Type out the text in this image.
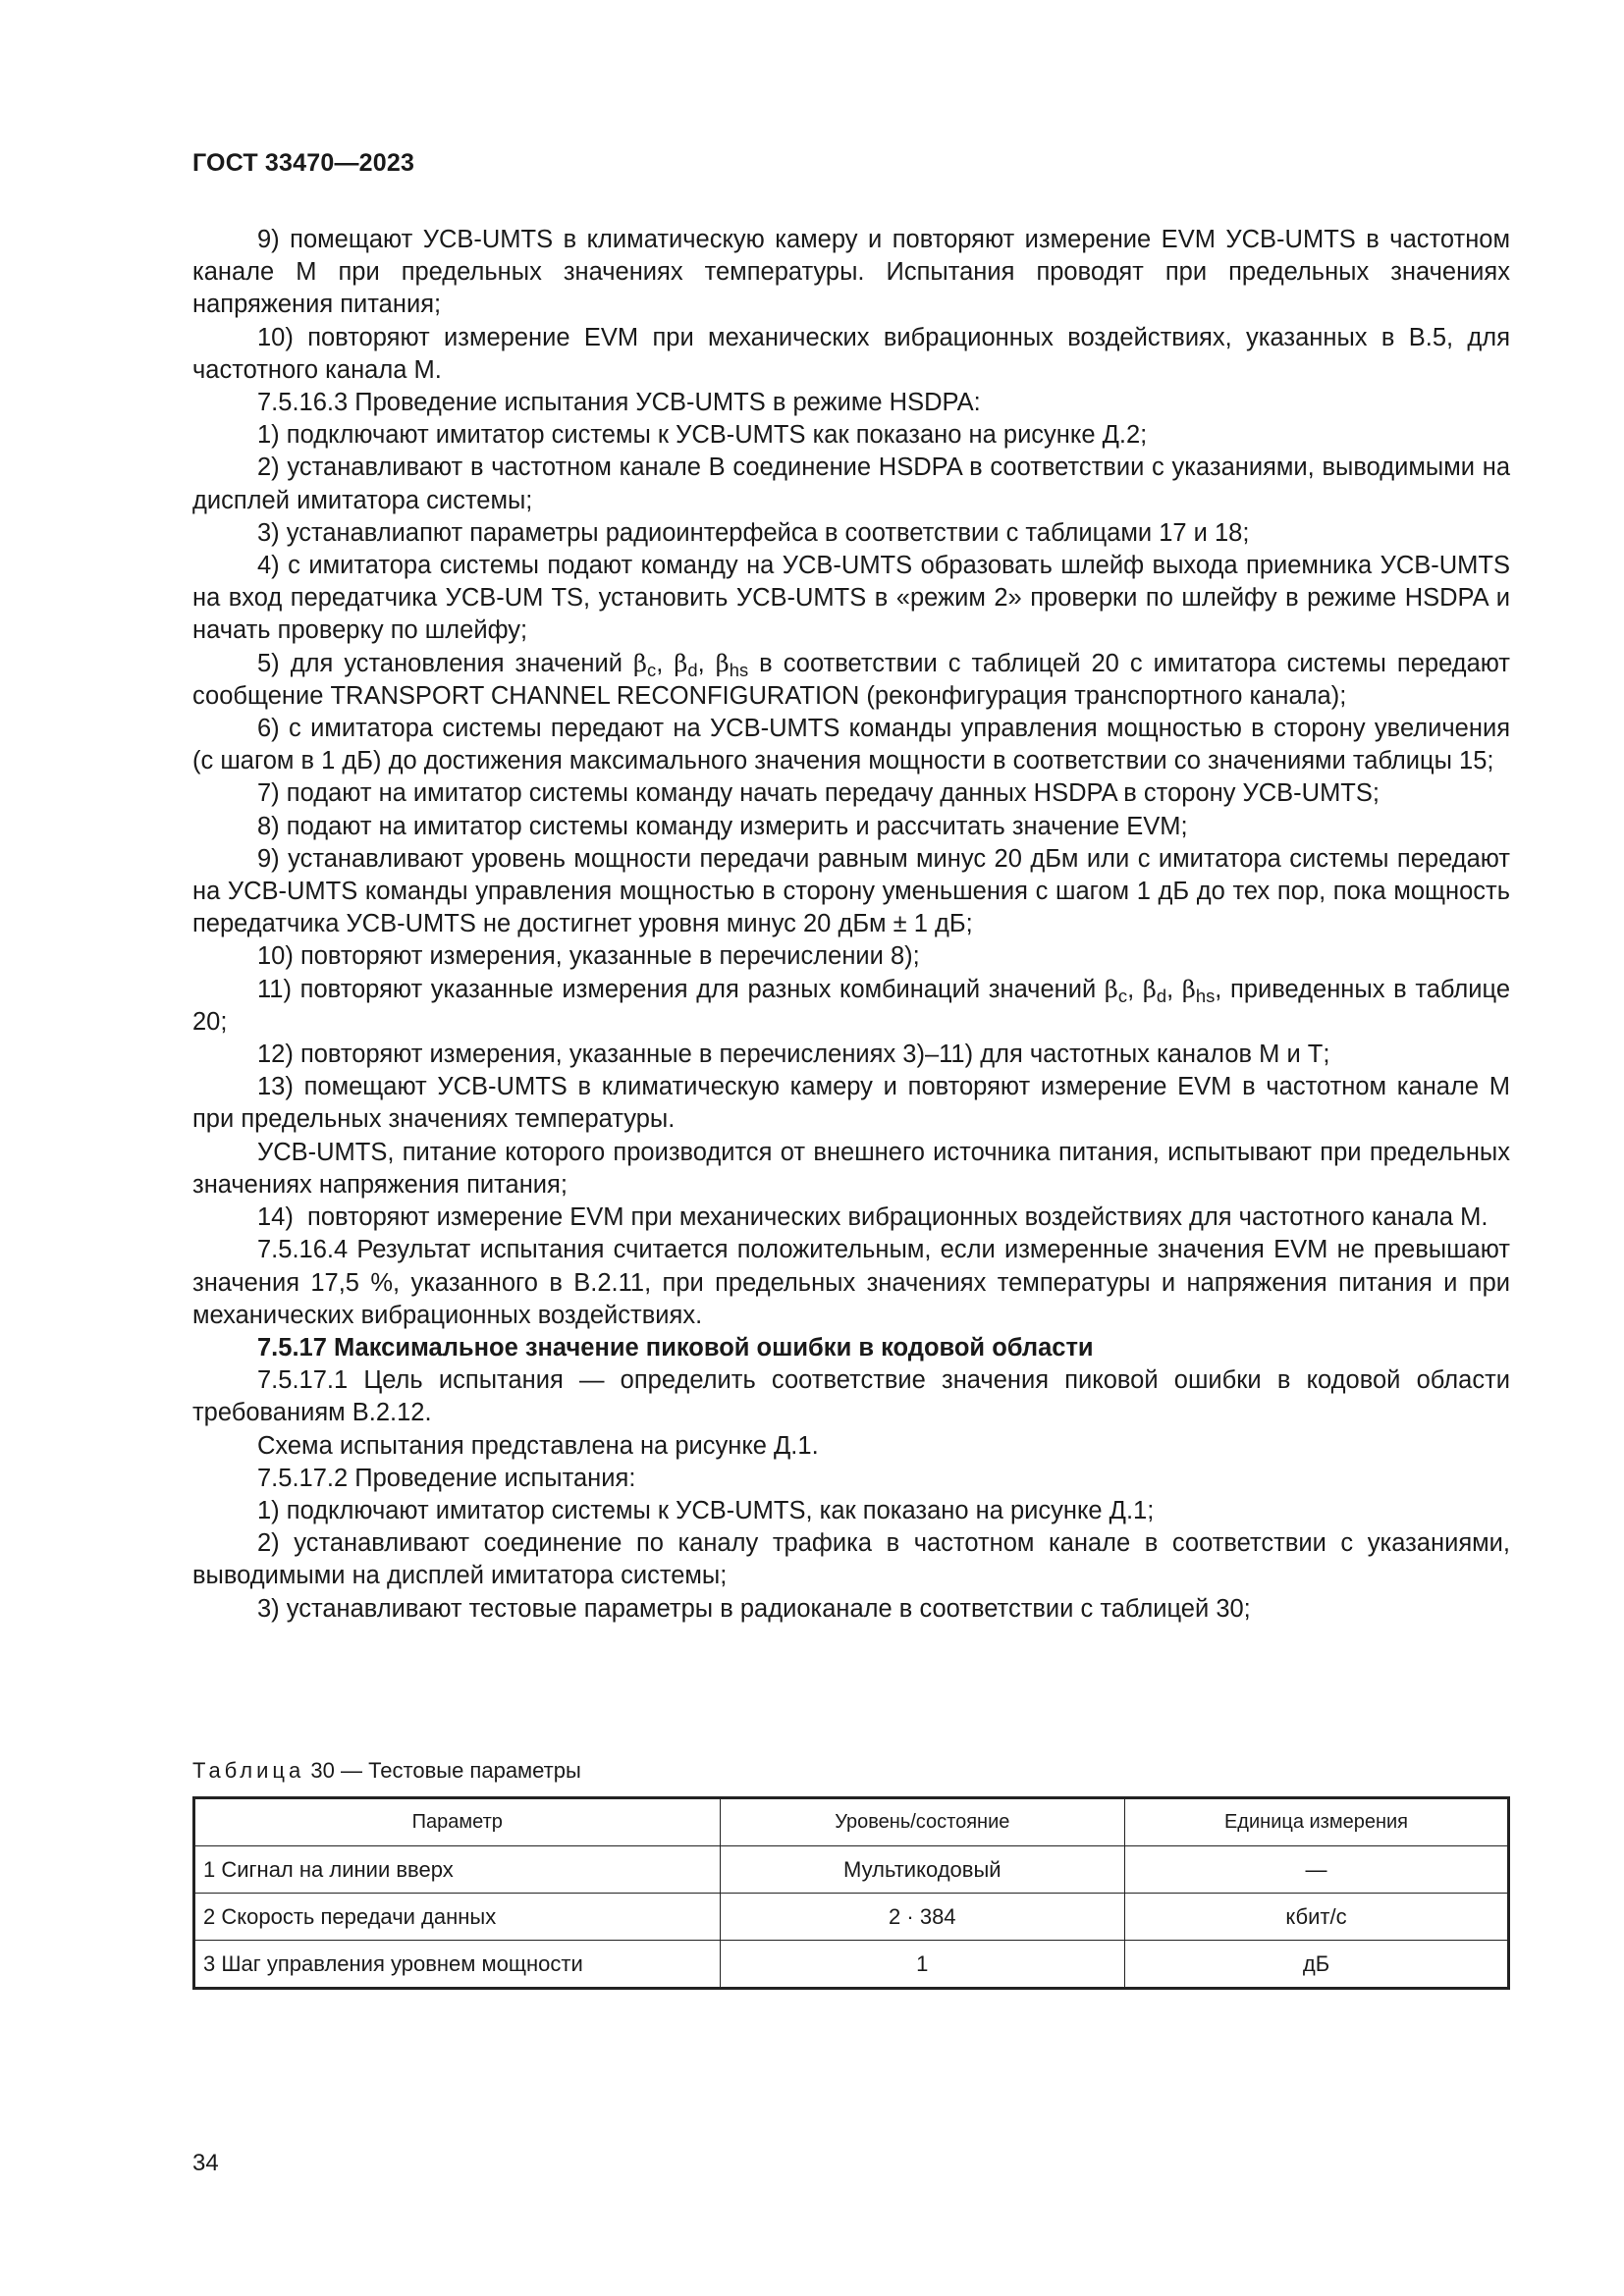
ГОСТ 33470—2023

9) помещают УСВ-UMTS в климатическую камеру и повторяют измерение EVM УСВ-UMTS в частотном канале М при предельных значениях температуры. Испытания проводят при предельных значениях напряжения питания;

10) повторяют измерение EVM при механических вибрационных воздействиях, указанных в В.5, для частотного канала М.

7.5.16.3 Проведение испытания УСВ-UMTS в режиме HSDPA:

1) подключают имитатор системы к УСВ-UMTS как показано на рисунке Д.2;

2) устанавливают в частотном канале В соединение HSDPA в соответствии с указаниями, выводимыми на дисплей имитатора системы;

3) устанавлиапют параметры радиоинтерфейса в соответствии с таблицами 17 и 18;

4) с имитатора системы подают команду на УСВ-UMTS образовать шлейф выхода приемника УСВ-UMTS на вход передатчика УСВ-UM TS, установить УСВ-UMTS в «режим 2» проверки по шлейфу в режиме HSDPA и начать проверку по шлейфу;

5) для установления значений $\beta_c$, $\beta_d$, $\beta_{hs}$ в соответствии с таблицей 20 с имитатора системы передают сообщение TRANSPORT CHANNEL RECONFIGURATION (реконфигурация транспортного канала);

6) с имитатора системы передают на УСВ-UMTS команды управления мощностью в сторону увеличения (с шагом в 1 дБ) до достижения максимального значения мощности в соответствии со значениями таблицы 15;

7) подают на имитатор системы команду начать передачу данных HSDPA в сторону УСВ-UMTS;

8) подают на имитатор системы команду измерить и рассчитать значение EVM;

9) устанавливают уровень мощности передачи равным минус 20 дБм или с имитатора системы передают на УСВ-UMTS команды управления мощностью в сторону уменьшения с шагом 1 дБ до тех пор, пока мощность передатчика УСВ-UMTS не достигнет уровня минус 20 дБм ± 1 дБ;

10) повторяют измерения, указанные в перечислении 8);

11) повторяют указанные измерения для разных комбинаций значений $\beta_c$, $\beta_d$, $\beta_{hs}$, приведенных в таблице 20;

12) повторяют измерения, указанные в перечислениях 3)–11) для частотных каналов М и Т;

13) помещают УСВ-UMTS в климатическую камеру и повторяют измерение EVM в частотном канале М при предельных значениях температуры.

УСВ-UMTS, питание которого производится от внешнего источника питания, испытывают при предельных значениях напряжения питания;

14)  повторяют измерение EVM при механических вибрационных воздействиях для частотного канала М.

7.5.16.4 Результат испытания считается положительным, если измеренные значения EVM не превышают значения 17,5 %, указанного в В.2.11, при предельных значениях температуры и напряжения питания и при механических вибрационных воздействиях.

7.5.17 Максимальное значение пиковой ошибки в кодовой области

7.5.17.1 Цель испытания — определить соответствие значения пиковой ошибки в кодовой области требованиям В.2.12.

Схема испытания представлена на рисунке Д.1.

7.5.17.2 Проведение испытания:

1) подключают имитатор системы к УСВ-UMTS, как показано на рисунке Д.1;

2) устанавливают соединение по каналу трафика в частотном канале в соответствии с указаниями, выводимыми на дисплей имитатора системы;

3) устанавливают тестовые параметры в радиоканале в соответствии с таблицей 30;

Таблица 30 — Тестовые параметры
Параметр	Уровень/состояние	Единица измерения
1 Сигнал на линии вверх	Мультикодовый	—
2 Скорость передачи данных	2 · 384	кбит/с
3 Шаг управления уровнем мощности	1	дБ
34
